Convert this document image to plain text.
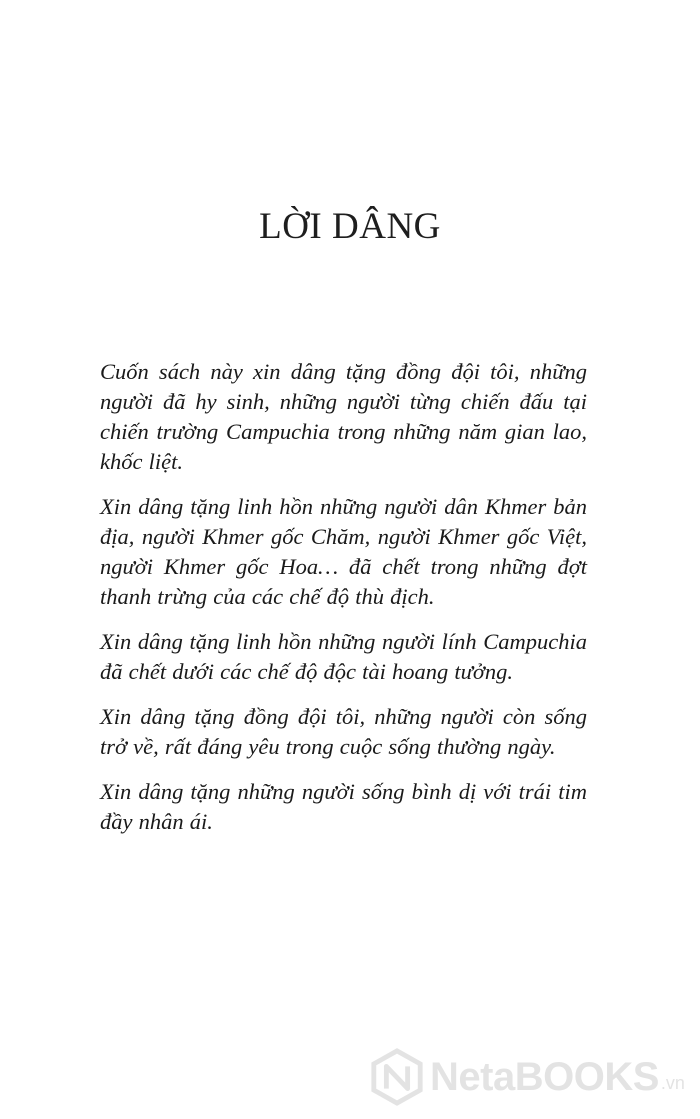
LỜI DÂNG

Cuốn sách này xin dâng tặng đồng đội tôi, những người đã hy sinh, những người từng chiến đấu tại chiến trường Campuchia trong những năm gian lao, khốc liệt.

Xin dâng tặng linh hồn những người dân Khmer bản địa, người Khmer gốc Chăm, người Khmer gốc Việt, người Khmer gốc Hoa… đã chết trong những đợt thanh trừng của các chế độ thù địch.

Xin dâng tặng linh hồn những người lính Campuchia đã chết dưới các chế độ độc tài hoang tưởng.

Xin dâng tặng đồng đội tôi, những người còn sống trở về, rất đáng yêu trong cuộc sống thường ngày.

Xin dâng tặng những người sống bình dị với trái tim đầy nhân ái.

NetaBOOKS .vn
